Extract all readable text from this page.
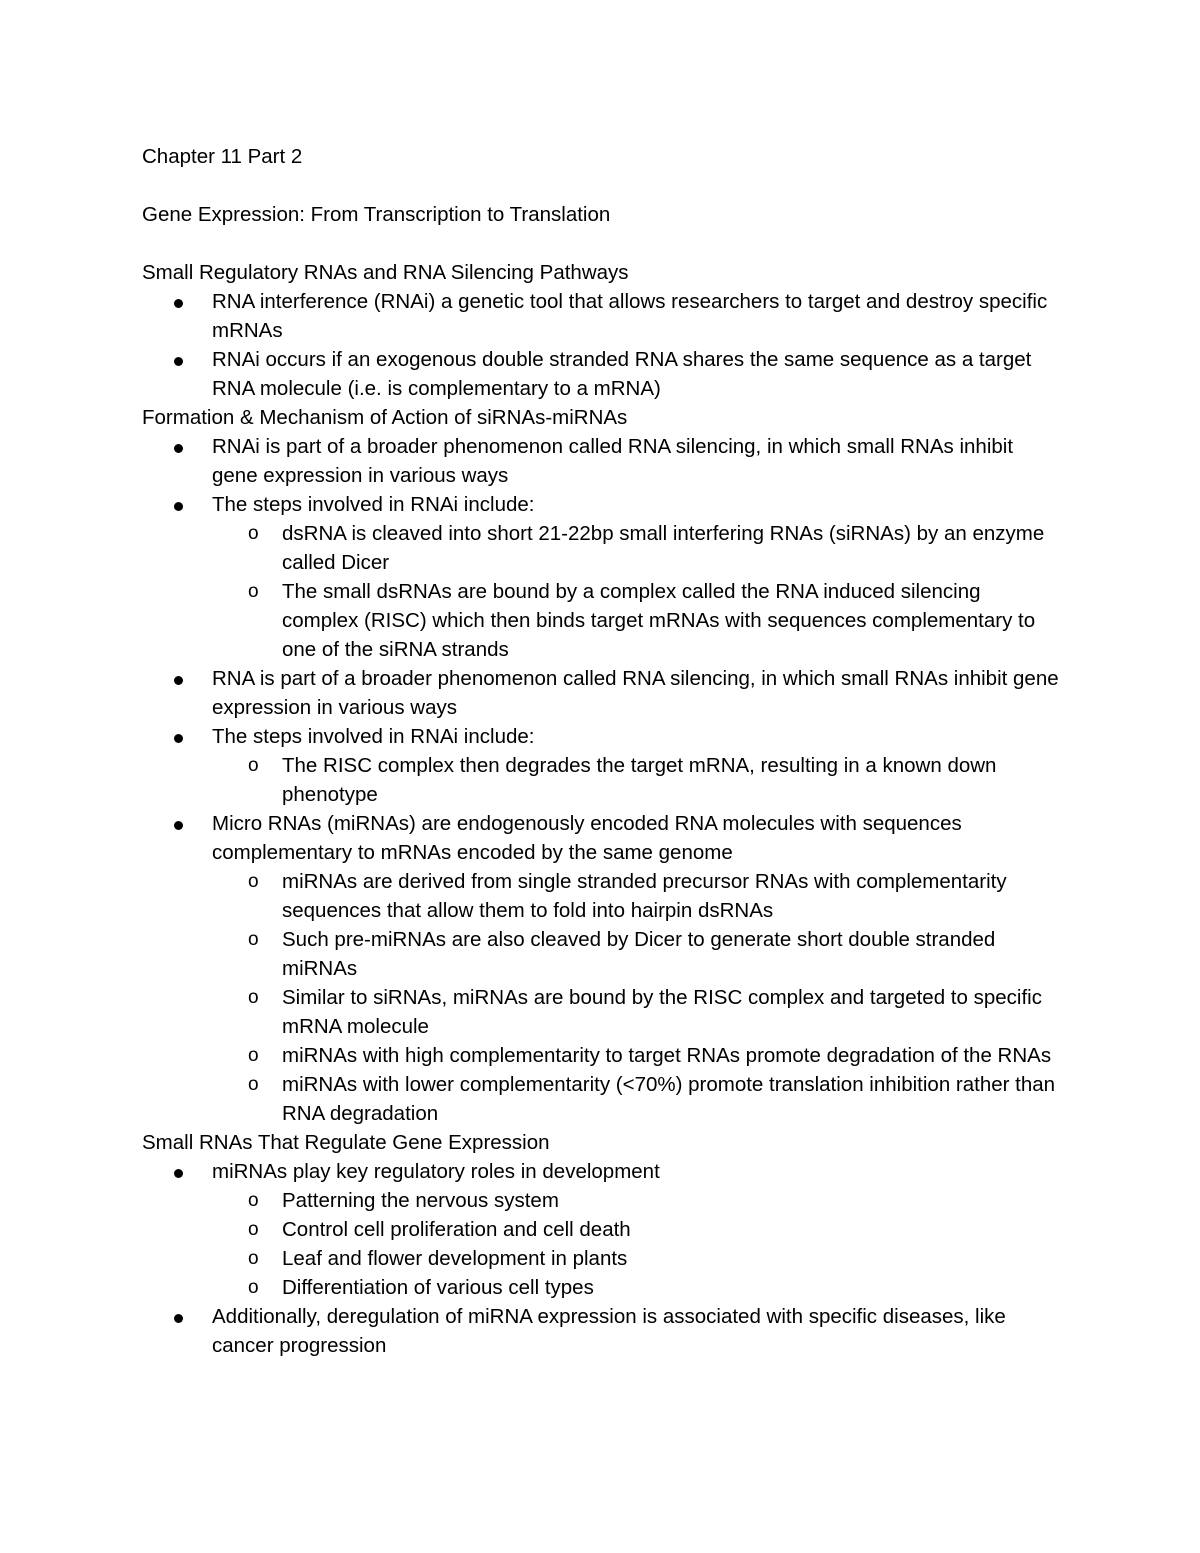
Chapter 11 Part 2

Gene Expression: From Transcription to Translation

Small Regulatory RNAs and RNA Silencing Pathways

RNA interference (RNAi) a genetic tool that allows researchers to target and destroy specific mRNAs
RNAi occurs if an exogenous double stranded RNA shares the same sequence as a target RNA molecule (i.e. is complementary to a mRNA)

Formation & Mechanism of Action of siRNAs-miRNAs

RNAi is part of a broader phenomenon called RNA silencing, in which small RNAs inhibit gene expression in various ways
The steps involved in RNAi include:
o dsRNA is cleaved into short 21-22bp small interfering RNAs (siRNAs) by an enzyme called Dicer
o The small dsRNAs are bound by a complex called the RNA induced silencing complex (RISC) which then binds target mRNAs with sequences complementary to one of the siRNA strands
RNA is part of a broader phenomenon called RNA silencing, in which small RNAs inhibit gene expression in various ways
The steps involved in RNAi include:
o The RISC complex then degrades the target mRNA, resulting in a known down phenotype
Micro RNAs (miRNAs) are endogenously encoded RNA molecules with sequences complementary to mRNAs encoded by the same genome
o miRNAs are derived from single stranded precursor RNAs with complementarity sequences that allow them to fold into hairpin dsRNAs
o Such pre-miRNAs are also cleaved by Dicer to generate short double stranded miRNAs
o Similar to siRNAs, miRNAs are bound by the RISC complex and targeted to specific mRNA molecule
o miRNAs with high complementarity to target RNAs promote degradation of the RNAs
o miRNAs with lower complementarity (<70%) promote translation inhibition rather than RNA degradation

Small RNAs That Regulate Gene Expression

miRNAs play key regulatory roles in development
o Patterning the nervous system
o Control cell proliferation and cell death
o Leaf and flower development in plants
o Differentiation of various cell types
Additionally, deregulation of miRNA expression is associated with specific diseases, like cancer progression
